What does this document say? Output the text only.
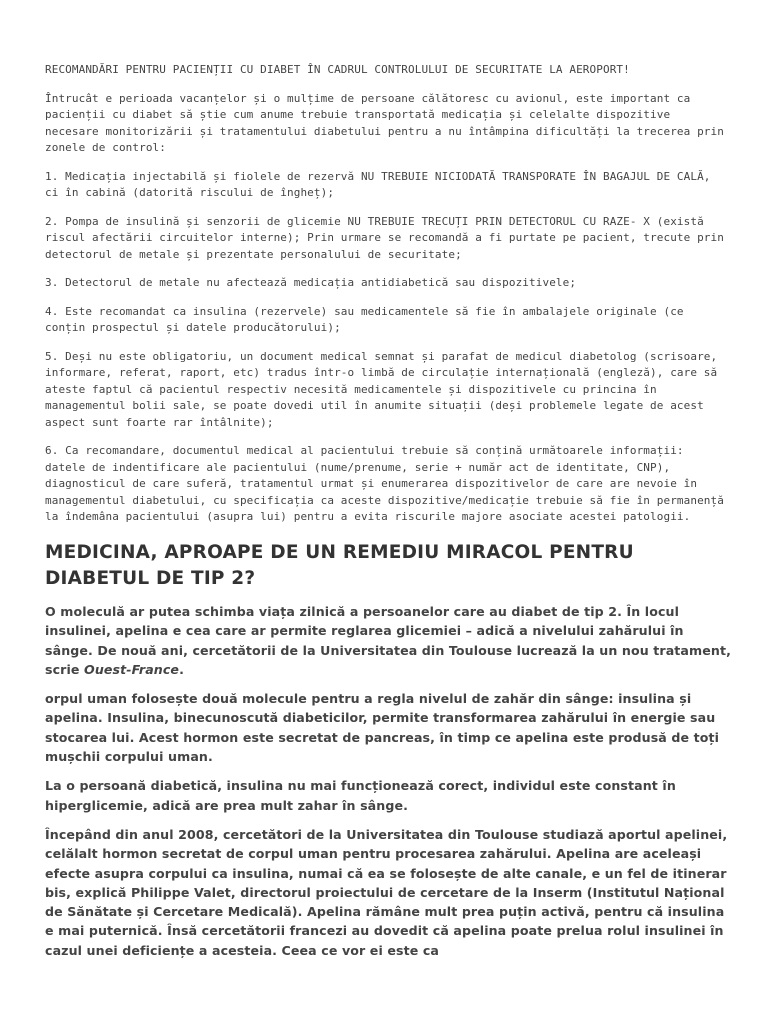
RECOMANDĂRI PENTRU PACIENȚII CU DIABET ÎN CADRUL CONTROLULUI DE SECURITATE LA AEROPORT!

Întrucât e perioada vacanțelor și o mulțime de persoane călătoresc cu avionul, este important ca pacienții cu diabet să știe cum anume trebuie transportată medicația și celelalte dispozitive necesare monitorizării și tratamentului diabetului pentru a nu întâmpina dificultăți la trecerea prin zonele de control:

1. Medicația injectabilă și fiolele de rezervă NU TREBUIE NICIODATĂ TRANSPORATE ÎN BAGAJUL DE CALĂ, ci în cabină (datorită riscului de îngheț);

2. Pompa de insulină și senzorii de glicemie NU TREBUIE TRECUȚI PRIN DETECTORUL CU RAZE- X (există riscul afectării circuitelor interne); Prin urmare se recomandă a fi purtate pe pacient, trecute prin detectorul de metale și prezentate personalului de securitate;

3. Detectorul de metale nu afectează medicația antidiabetică sau dispozitivele;

4. Este recomandat ca insulina (rezervele) sau medicamentele să fie în ambalajele originale (ce conțin prospectul și datele producătorului);

5. Deși nu este obligatoriu, un document medical semnat și parafat de medicul diabetolog (scrisoare, informare, referat, raport, etc) tradus într-o limbă de circulație internațională (engleză), care să ateste faptul că pacientul respectiv necesită medicamentele și dispozitivele cu princina în managementul bolii sale, se poate dovedi util în anumite situații (deși problemele legate de acest aspect sunt foarte rar întâlnite);

6. Ca recomandare, documentul medical al pacientului trebuie să conțină următoarele informații: datele de indentificare ale pacientului (nume/prenume, serie + număr act de identitate, CNP), diagnosticul de care suferă, tratamentul urmat și enumerarea dispozitivelor de care are nevoie în managementul diabetului, cu specificația ca aceste dispozitive/medicație trebuie să fie în permanență la îndemâna pacientului (asupra lui) pentru a evita riscurile majore asociate acestei patologii.

MEDICINA, APROAPE DE UN REMEDIU MIRACOL PENTRU DIABETUL DE TIP 2?

O moleculă ar putea schimba viața zilnică a persoanelor care au diabet de tip 2. În locul insulinei, apelina e cea care ar permite reglarea glicemiei – adică a nivelului zahărului în sânge. De nouă ani, cercetătorii de la Universitatea din Toulouse lucrează la un nou tratament, scrie Ouest-France.

orpul uman folosește două molecule pentru a regla nivelul de zahăr din sânge: insulina și apelina. Insulina, binecunoscută diabeticilor, permite transformarea zahărului în energie sau stocarea lui. Acest hormon este secretat de pancreas, în timp ce apelina este produsă de toți mușchii corpului uman.

La o persoană diabetică, insulina nu mai funcționează corect, individul este constant în hiperglicemie, adică are prea mult zahar în sânge.

Începând din anul 2008, cercetători de la Universitatea din Toulouse studiază aportul apelinei, celălalt hormon secretat de corpul uman pentru procesarea zahărului. Apelina are aceleași efecte asupra corpului ca insulina, numai că ea se folosește de alte canale, e un fel de itinerar bis, explică Philippe Valet, directorul proiectului de cercetare de la Inserm (Institutul Național de Sănătate și Cercetare Medicală). Apelina rămâne mult prea puțin activă, pentru că insulina e mai puternică. Însă cercetătorii francezi au dovedit că apelina poate prelua rolul insulinei în cazul unei deficiențe a acesteia. Ceea ce vor ei este ca
